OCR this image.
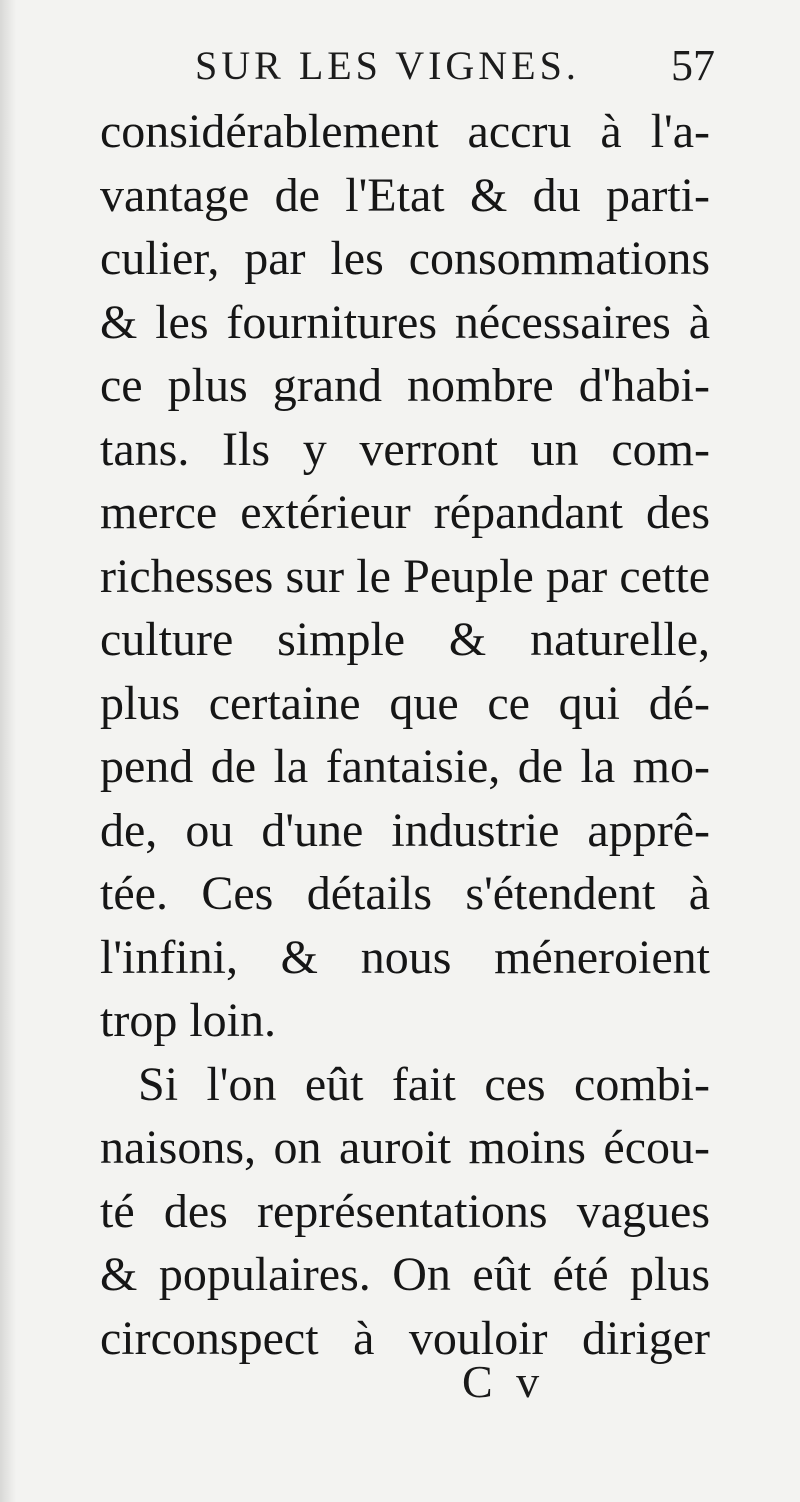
SUR LES VIGNES. 57
considérablement accru à l'a-
vantage de l'Etat & du parti-
culier, par les consommations
& les fournitures nécessaires à
ce plus grand nombre d'habi-
tans. Ils y verront un com-
merce extérieur répandant des
richesses sur le Peuple par cette
culture simple & naturelle,
plus certaine que ce qui dé-
pend de la fantaisie, de la mo-
de, ou d'une industrie apprê-
tée. Ces détails s'étendent à
l'infini, & nous méneroient
trop loin.
Si l'on eût fait ces combi-
naisons, on auroit moins écou-
té des représentations vagues
& populaires. On eût été plus
circonspect à vouloir diriger
C v
